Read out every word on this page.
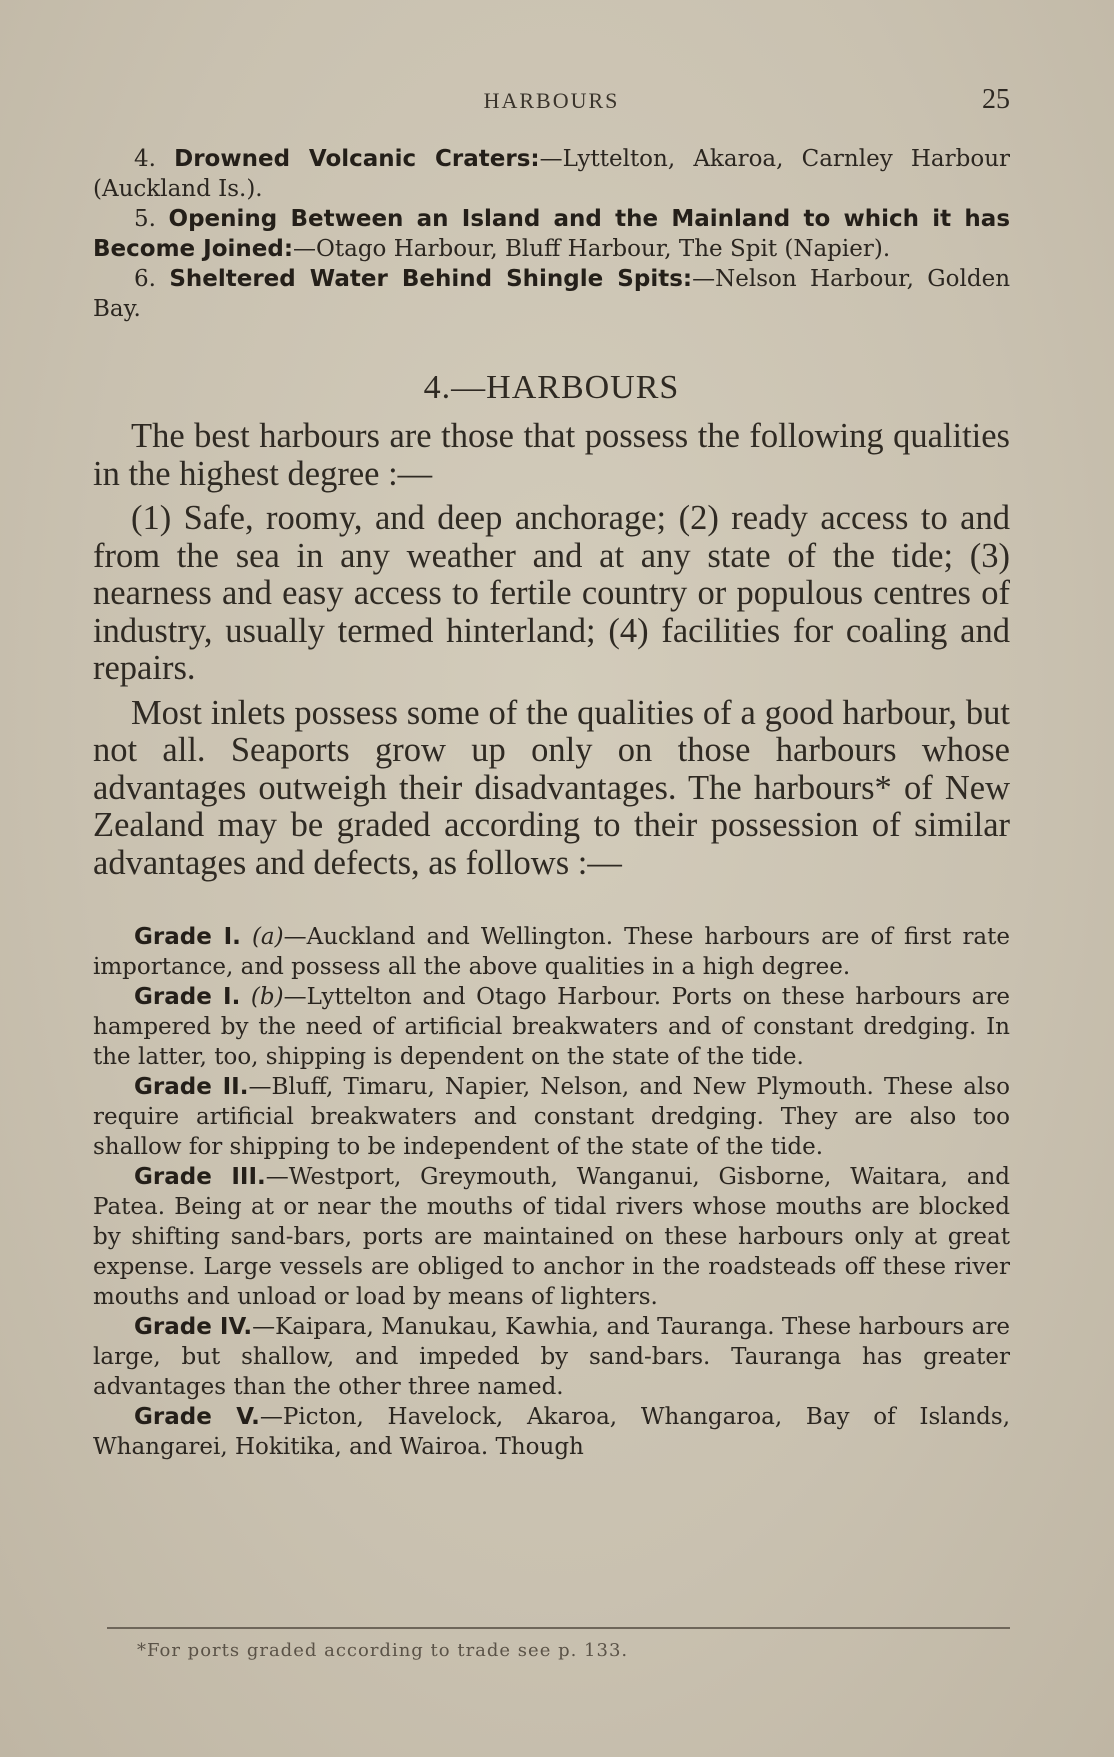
HARBOURS	25

4. Drowned Volcanic Craters:—Lyttelton, Akaroa, Carnley Harbour (Auckland Is.).

5. Opening Between an Island and the Mainland to which it has Become Joined:—Otago Harbour, Bluff Harbour, The Spit (Napier).

6. Sheltered Water Behind Shingle Spits:—Nelson Harbour, Golden Bay.

4.—HARBOURS

The best harbours are those that possess the following qualities in the highest degree :—

(1) Safe, roomy, and deep anchorage; (2) ready access to and from the sea in any weather and at any state of the tide; (3) nearness and easy access to fertile country or populous centres of industry, usually termed hinterland; (4) facilities for coaling and repairs.

Most inlets possess some of the qualities of a good harbour, but not all. Seaports grow up only on those harbours whose advantages outweigh their disadvantages. The harbours* of New Zealand may be graded according to their possession of similar advantages and defects, as follows :—

Grade I. (a)—Auckland and Wellington. These harbours are of first rate importance, and possess all the above qualities in a high degree.

Grade I. (b)—Lyttelton and Otago Harbour. Ports on these harbours are hampered by the need of artificial breakwaters and of constant dredging. In the latter, too, shipping is dependent on the state of the tide.

Grade II.—Bluff, Timaru, Napier, Nelson, and New Plymouth. These also require artificial breakwaters and constant dredging. They are also too shallow for shipping to be independent of the state of the tide.

Grade III.—Westport, Greymouth, Wanganui, Gisborne, Waitara, and Patea. Being at or near the mouths of tidal rivers whose mouths are blocked by shifting sand-bars, ports are maintained on these harbours only at great expense. Large vessels are obliged to anchor in the roadsteads off these river mouths and unload or load by means of lighters.

Grade IV.—Kaipara, Manukau, Kawhia, and Tauranga. These harbours are large, but shallow, and impeded by sand-bars. Tauranga has greater advantages than the other three named.

Grade V.—Picton, Havelock, Akaroa, Whangaroa, Bay of Islands, Whangarei, Hokitika, and Wairoa. Though

*For ports graded according to trade see p. 133.
